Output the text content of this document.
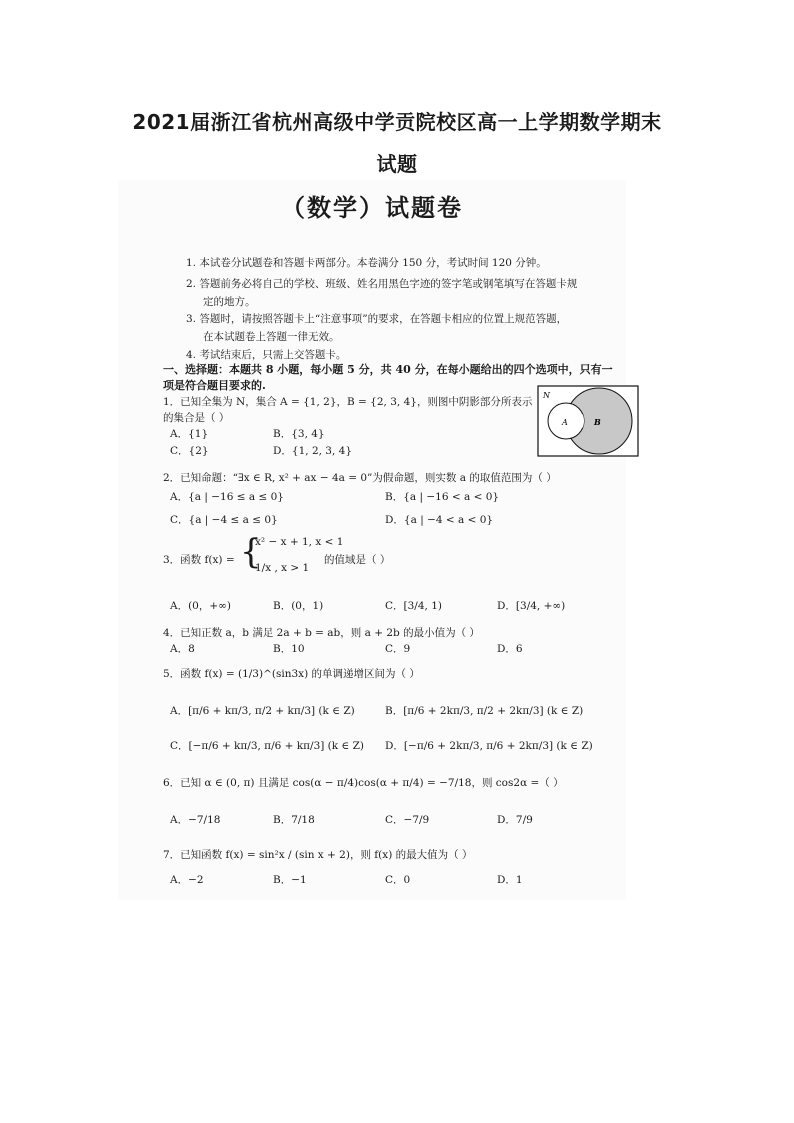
2021届浙江省杭州高级中学贡院校区高一上学期数学期末
试题
（数学）试题卷
1. 本试卷分试题卷和答题卡两部分。本卷满分 150 分，考试时间 120 分钟。
2. 答题前务必将自己的学校、班级、姓名用黑色字迹的签字笔或钢笔填写在答题卡规
定的地方。
3. 答题时，请按照答题卡上“注意事项”的要求，在答题卡相应的位置上规范答题，
在本试题卷上答题一律无效。
4. 考试结束后，只需上交答题卡。
一、选择题：本题共 8 小题，每小题 5 分，共 40 分，在每小题给出的四个选项中，只有一
项是符合题目要求的.
1．已知全集为 N，集合 A = {1, 2}，B = {2, 3, 4}，则图中阴影部分所表示
的集合是（ ）
A．{1}	B．{3, 4}
C．{2}	D．{1, 2, 3, 4}
N
A	B
2．已知命题：“∃x ∈ R, x² + ax − 4a = 0”为假命题，则实数 a 的取值范围为（ ）
A．{a | −16 ≤ a ≤ 0}	B．{a | −16 < a < 0}
C．{a | −4 ≤ a ≤ 0}	D．{a | −4 < a < 0}
3．函数 f(x) = {
x² − x + 1, x < 1
1/x , x > 1
的值域是（ ）
A．(0，+∞)	B．(0，1)	C．[3/4, 1)	D．[3/4, +∞)
4．已知正数 a，b 满足 2a + b = ab，则 a + 2b 的最小值为（ ）
A．8	B．10	C．9	D．6
5．函数 f(x) = (1/3)^(sin3x) 的单调递增区间为（ ）
A．[π/6 + kπ/3, π/2 + kπ/3] (k ∈ Z)	B．[π/6 + 2kπ/3, π/2 + 2kπ/3] (k ∈ Z)
C．[−π/6 + kπ/3, π/6 + kπ/3] (k ∈ Z) D．[−π/6 + 2kπ/3, π/6 + 2kπ/3] (k ∈ Z)
6．已知 α ∈ (0, π) 且满足 cos(α − π/4)cos(α + π/4) = −7/18，则 cos2α =（ ）
A．−7/18	B．7/18	C．−7/9	D．7/9
7．已知函数 f(x) = sin²x / (sin x + 2)，则 f(x) 的最大值为（ ）
A．−2	B．−1	C．0	D．1
